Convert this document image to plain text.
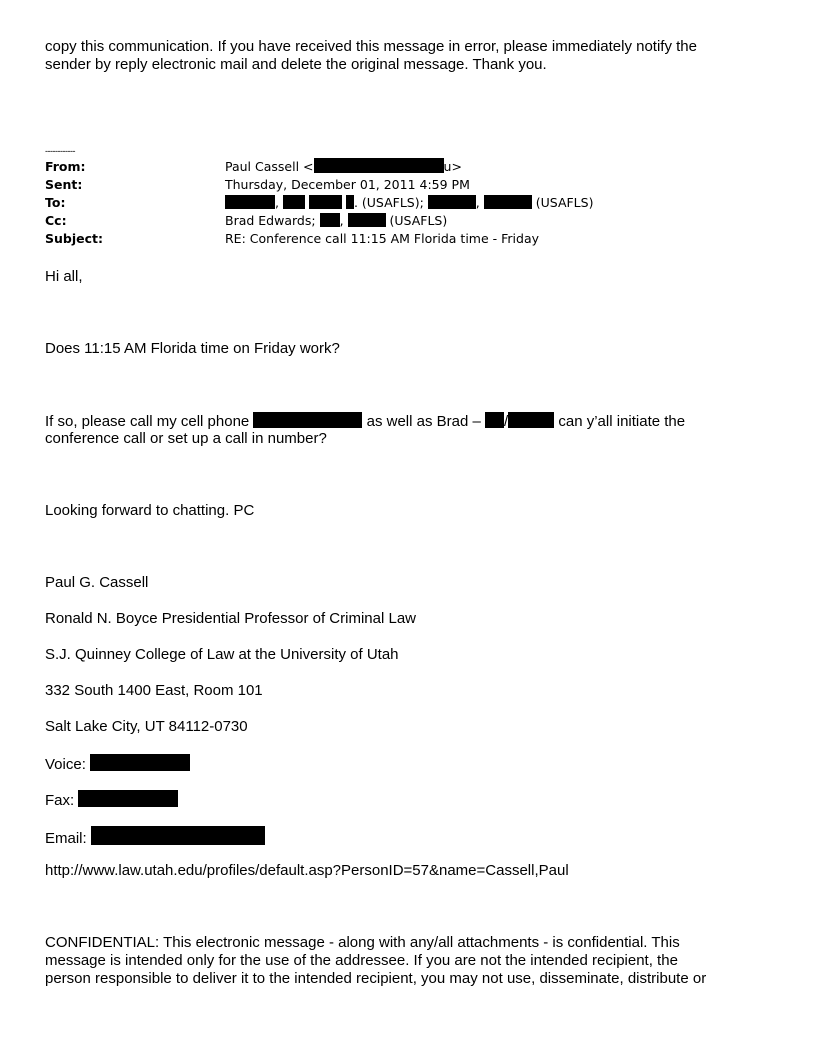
copy this communication. If you have received this message in error, please immediately notify the

sender by reply electronic mail and delete the original message. Thank you.

------------

From:	Paul Cassell <	u>
Sent:	Thursday, December 01, 2011 4:59 PM
To:	,	. (USAFLS);	,	(USAFLS)
Cc:	Brad Edwards; ,	(USAFLS)
Subject:	RE: Conference call 11:15 AM Florida time - Friday

Hi all,

Does 11:15 AM Florida time on Friday work?

If so, please call my cell phone	as well as Brad – /	can y’all initiate the

conference call or set up a call in number?

Looking forward to chatting. PC

Paul G. Cassell

Ronald N. Boyce Presidential Professor of Criminal Law

S.J. Quinney College of Law at the University of Utah

332 South 1400 East, Room 101

Salt Lake City, UT 84112-0730

Voice:

Fax:

Email:

http://www.law.utah.edu/profiles/default.asp?PersonID=57&name=Cassell,Paul

CONFIDENTIAL: This electronic message - along with any/all attachments - is confidential. This

message is intended only for the use of the addressee. If you are not the intended recipient, the

person responsible to deliver it to the intended recipient, you may not use, disseminate, distribute or
